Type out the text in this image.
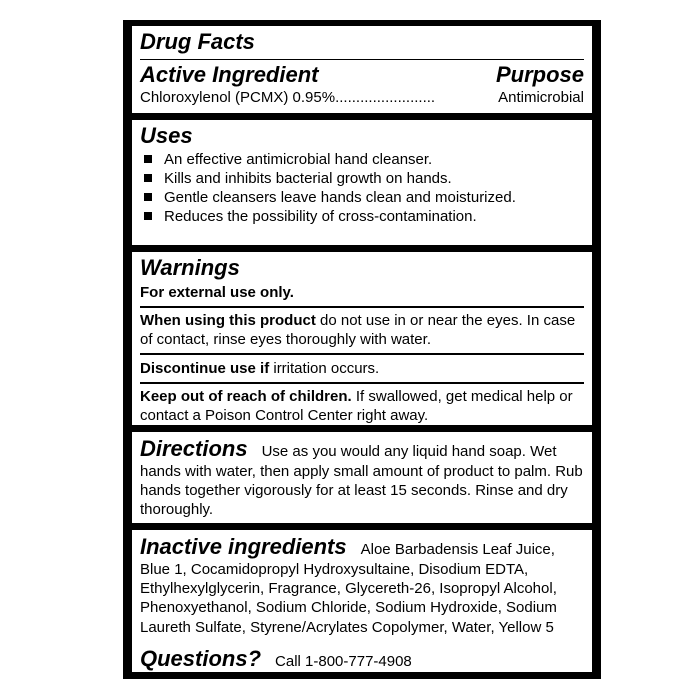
Drug Facts
Active Ingredient	Purpose
Chloroxylenol (PCMX) 0.95% ........................	Antimicrobial
Uses
An effective antimicrobial hand cleanser.
Kills and inhibits bacterial growth on hands.
Gentle cleansers leave hands clean and moisturized.
Reduces the possibility of cross-contamination.
Warnings
For external use only.
When using this product do not use in or near the eyes. In case of contact, rinse eyes thoroughly with water.
Discontinue use if irritation occurs.
Keep out of reach of children. If swallowed, get medical help or contact a Poison Control Center right away.
Directions Use as you would any liquid hand soap. Wet hands with water, then apply small amount of product to palm. Rub hands together vigorously for at least 15 seconds. Rinse and dry thoroughly.
Inactive ingredients Aloe Barbadensis Leaf Juice, Blue 1, Cocamidopropyl Hydroxysultaine, Disodium EDTA, Ethylhexylglycerin, Fragrance, Glycereth-26, Isopropyl Alcohol, Phenoxyethanol, Sodium Chloride, Sodium Hydroxide, Sodium Laureth Sulfate, Styrene/Acrylates Copolymer, Water, Yellow 5
Questions? Call 1-800-777-4908
